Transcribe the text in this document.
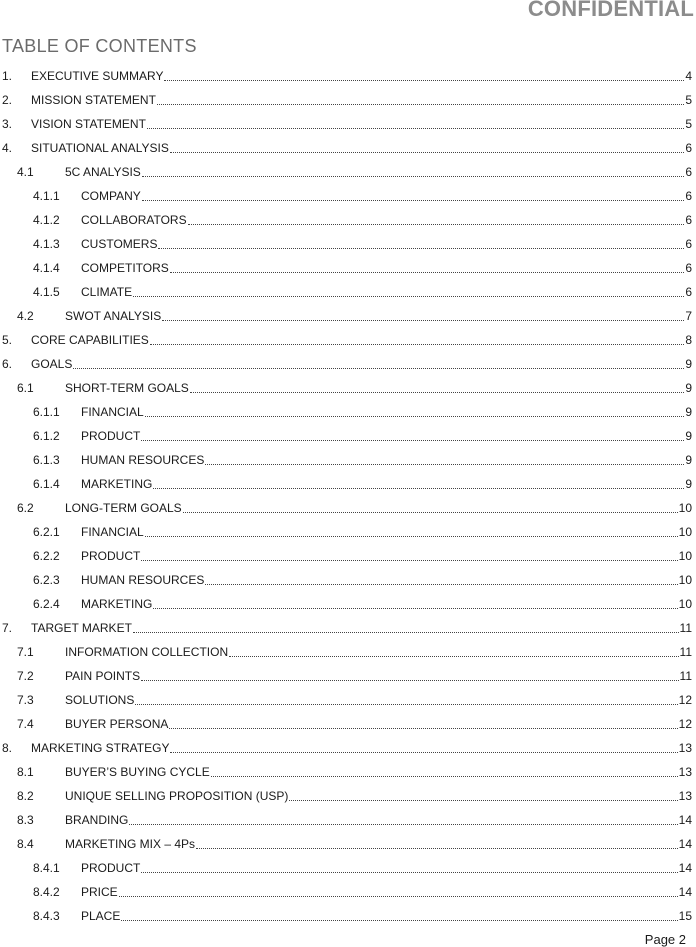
CONFIDENTIAL
TABLE OF CONTENTS
1.	EXECUTIVE SUMMARY	4
2.	MISSION STATEMENT	5
3.	VISION STATEMENT	5
4.	SITUATIONAL ANALYSIS	6
4.1	5C ANALYSIS	6
4.1.1	COMPANY	6
4.1.2	COLLABORATORS	6
4.1.3	CUSTOMERS	6
4.1.4	COMPETITORS	6
4.1.5	CLIMATE	6
4.2	SWOT ANALYSIS	7
5.	CORE CAPABILITIES	8
6.	GOALS	9
6.1	SHORT-TERM GOALS	9
6.1.1	FINANCIAL	9
6.1.2	PRODUCT	9
6.1.3	HUMAN RESOURCES	9
6.1.4	MARKETING	9
6.2	LONG-TERM GOALS	10
6.2.1	FINANCIAL	10
6.2.2	PRODUCT	10
6.2.3	HUMAN RESOURCES	10
6.2.4	MARKETING	10
7.	TARGET MARKET	11
7.1	INFORMATION COLLECTION	11
7.2	PAIN POINTS	11
7.3	SOLUTIONS	12
7.4	BUYER PERSONA	12
8.	MARKETING STRATEGY	13
8.1	BUYER’S BUYING CYCLE	13
8.2	UNIQUE SELLING PROPOSITION (USP)	13
8.3	BRANDING	14
8.4	MARKETING MIX – 4Ps	14
8.4.1	PRODUCT	14
8.4.2	PRICE	14
8.4.3	PLACE	15
Page 2
